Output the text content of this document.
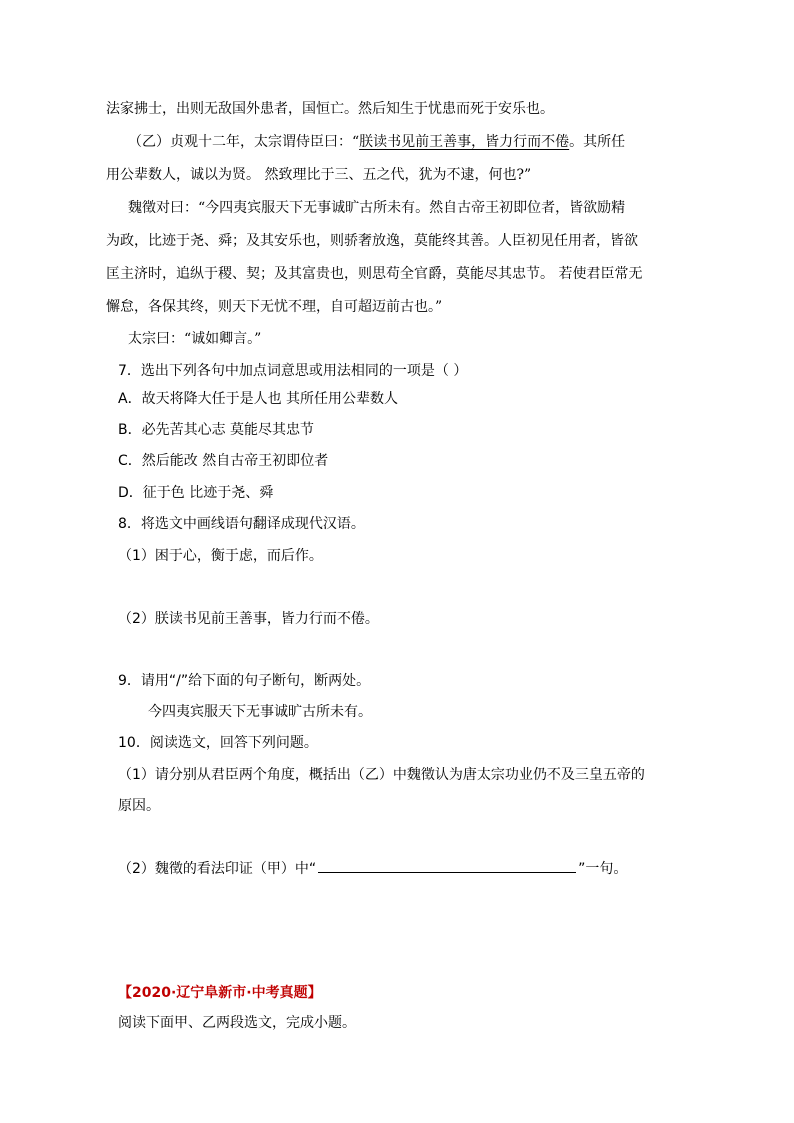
法家拂士，出则无敌国外患者，国恒亡。然后知生于忧患而死于安乐也。
（乙）贞观十二年，太宗谓侍臣曰：“朕读书见前王善事，皆力行而不倦。其所任
用公辈数人，诚以为贤。 然致理比于三、五之代，犹为不逮，何也?”
魏徵对曰：“今四夷宾服天下无事诚旷古所未有。然自古帝王初即位者，皆欲励精
为政，比迹于尧、舜；及其安乐也，则骄奢放逸，莫能终其善。人臣初见任用者，皆欲
匡主济时，追纵于稷、契；及其富贵也，则思苟全官爵，莫能尽其忠节。 若使君臣常无
懈怠，各保其终，则天下无忧不理，自可超迈前古也。”
太宗曰：“诚如卿言。”
7．选出下列各句中加点词意思或用法相同的一项是（ ）
A．故天将降大任于是人也 其所任用公辈数人
B．必先苦其心志 莫能尽其忠节
C．然后能改 然自古帝王初即位者
D．征于色 比迹于尧、舜
8．将选文中画线语句翻译成现代汉语。
（1）困于心，衡于虑，而后作。
（2）朕读书见前王善事，皆力行而不倦。
9．请用“/”给下面的句子断句，断两处。
今四夷宾服天下无事诚旷古所未有。
10．阅读选文，回答下列问题。
（1）请分别从君臣两个角度，概括出（乙）中魏徵认为唐太宗功业仍不及三皇五帝的
原因。
（2）魏徵的看法印证（甲）中“	”一句。
【2020·辽宁阜新市·中考真题】
阅读下面甲、乙两段选文，完成小题。
